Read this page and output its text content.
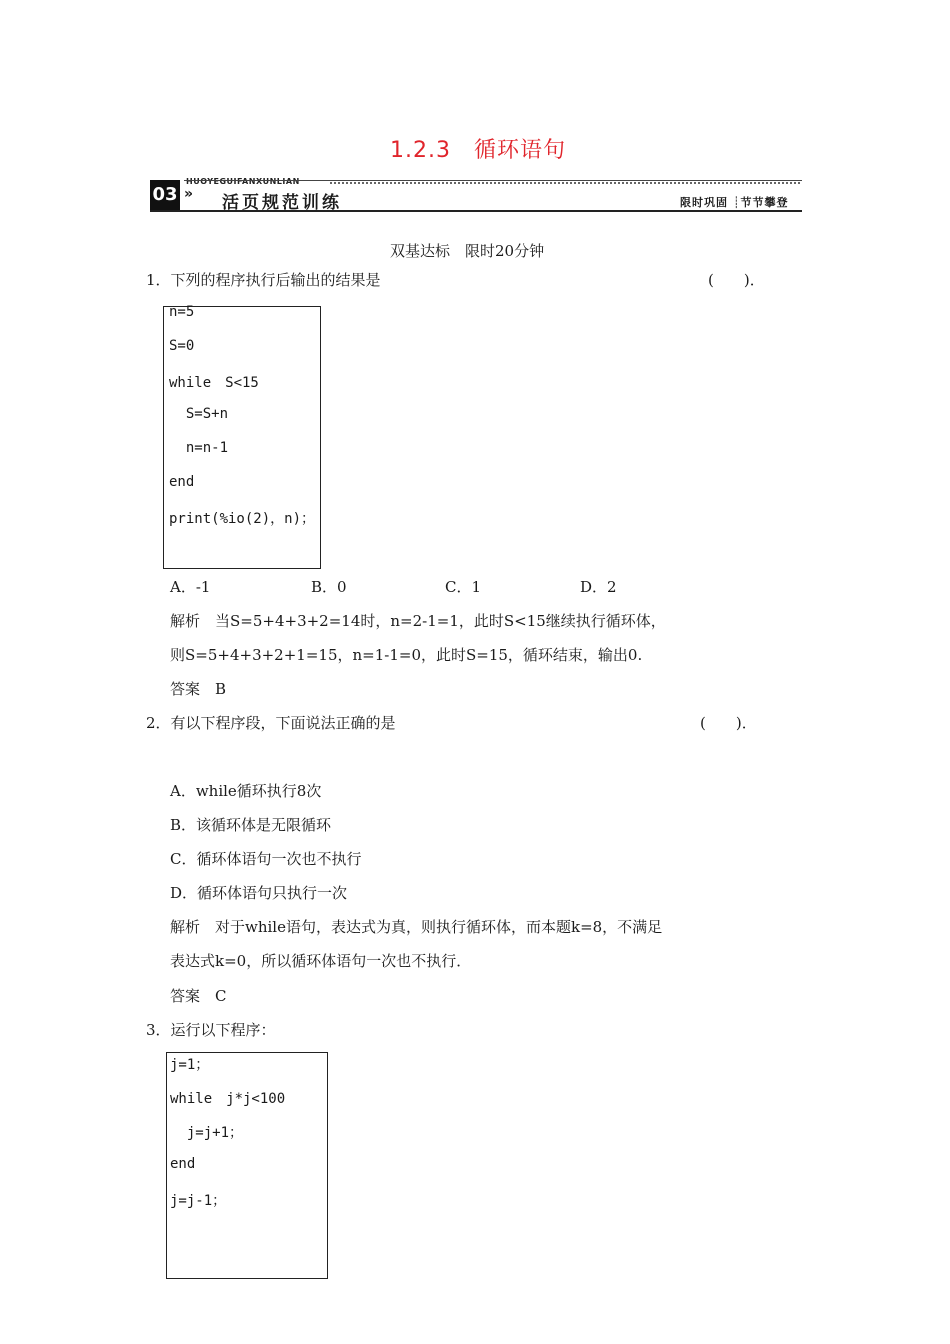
1.2.3　循环语句
HUOYEGUIFANXUNLIAN
03 » 活页规范训练	限时巩固 ┊节节攀登
双基达标　限时20分钟
1．下列的程序执行后输出的结果是	(　　)．
n=5
S=0
while　S<15
S=S+n
n=n-1
end
print(%io(2)，n)；
A．-1	B．0	C．1	D．2
解析　当S=5+4+3+2=14时，n=2-1=1，此时S<15继续执行循环体，
则S=5+4+3+2+1=15，n=1-1=0，此时S=15，循环结束，输出0.
答案　B
2．有以下程序段，下面说法正确的是	(　　)．
A．while循环执行8次
B．该循环体是无限循环
C．循环体语句一次也不执行
D．循环体语句只执行一次
解析　对于while语句，表达式为真，则执行循环体，而本题k=8，不满足
表达式k=0，所以循环体语句一次也不执行．
答案　C
3．运行以下程序：
j=1；
while　j*j<100
j=j+1；
end
j=j-1；
